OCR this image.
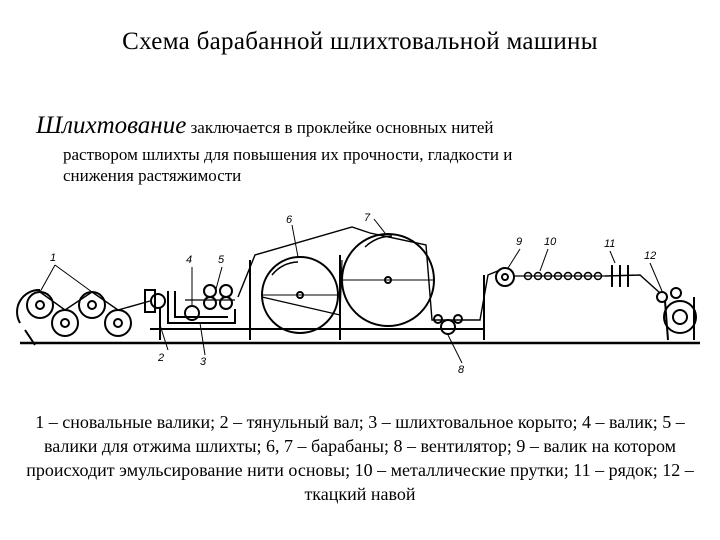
Схема барабанной шлихтовальной машины
Шлихтование заключается в проклейке основных нитей
раствором шлихты для повышения их прочности, гладкости и
снижения растяжимости
1
2	3
4 5
6	7
8
9 10	11
12
1 – сновальные валики; 2 – тянульный вал; 3 – шлихтовальное корыто; 4 – валик; 5 – валики для отжима шлихты; 6, 7 – барабаны; 8 – вентилятор; 9 – валик на котором происходит эмульсирование нити основы; 10 – металлические прутки; 11 – рядок; 12 – ткацкий навой
